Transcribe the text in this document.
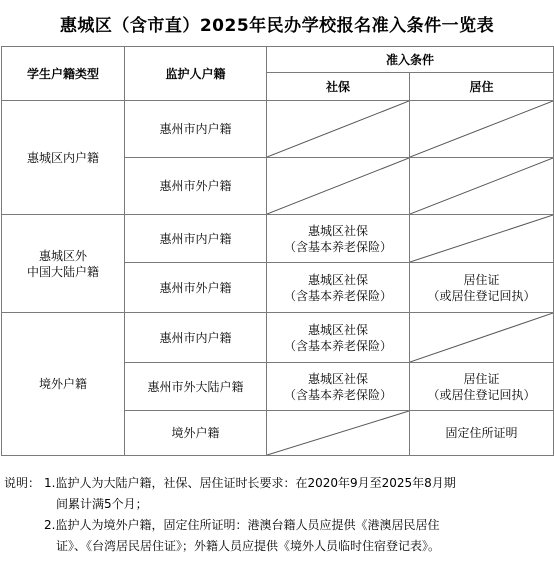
惠城区（含市直）2025年民办学校报名准入条件一览表
学生户籍类型	监护人户籍	准入条件	
		社保	居住
惠城区内户籍	惠州市内户籍	

	惠州市外户籍	

惠城区外
中国大陆户籍	惠州市内户籍	惠城区社保
（含基本养老保险）	

	惠州市外户籍	惠城区社保
（含基本养老保险）	居住证
（或居住登记回执）
境外户籍	惠州市内户籍	惠城区社保
（含基本养老保险）	

	惠州市外大陆户籍	惠城区社保
（含基本养老保险）	居住证
（或居住登记回执）
	境外户籍		固定住所证明
说明： 1.监护人为大陆户籍，社保、居住证时长要求：在2020年9月至2025年8月期
间累计满5个月；
2.监护人为境外户籍，固定住所证明：港澳台籍人员应提供《港澳居民居住
证》、《台湾居民居住证》；外籍人员应提供《境外人员临时住宿登记表》。
